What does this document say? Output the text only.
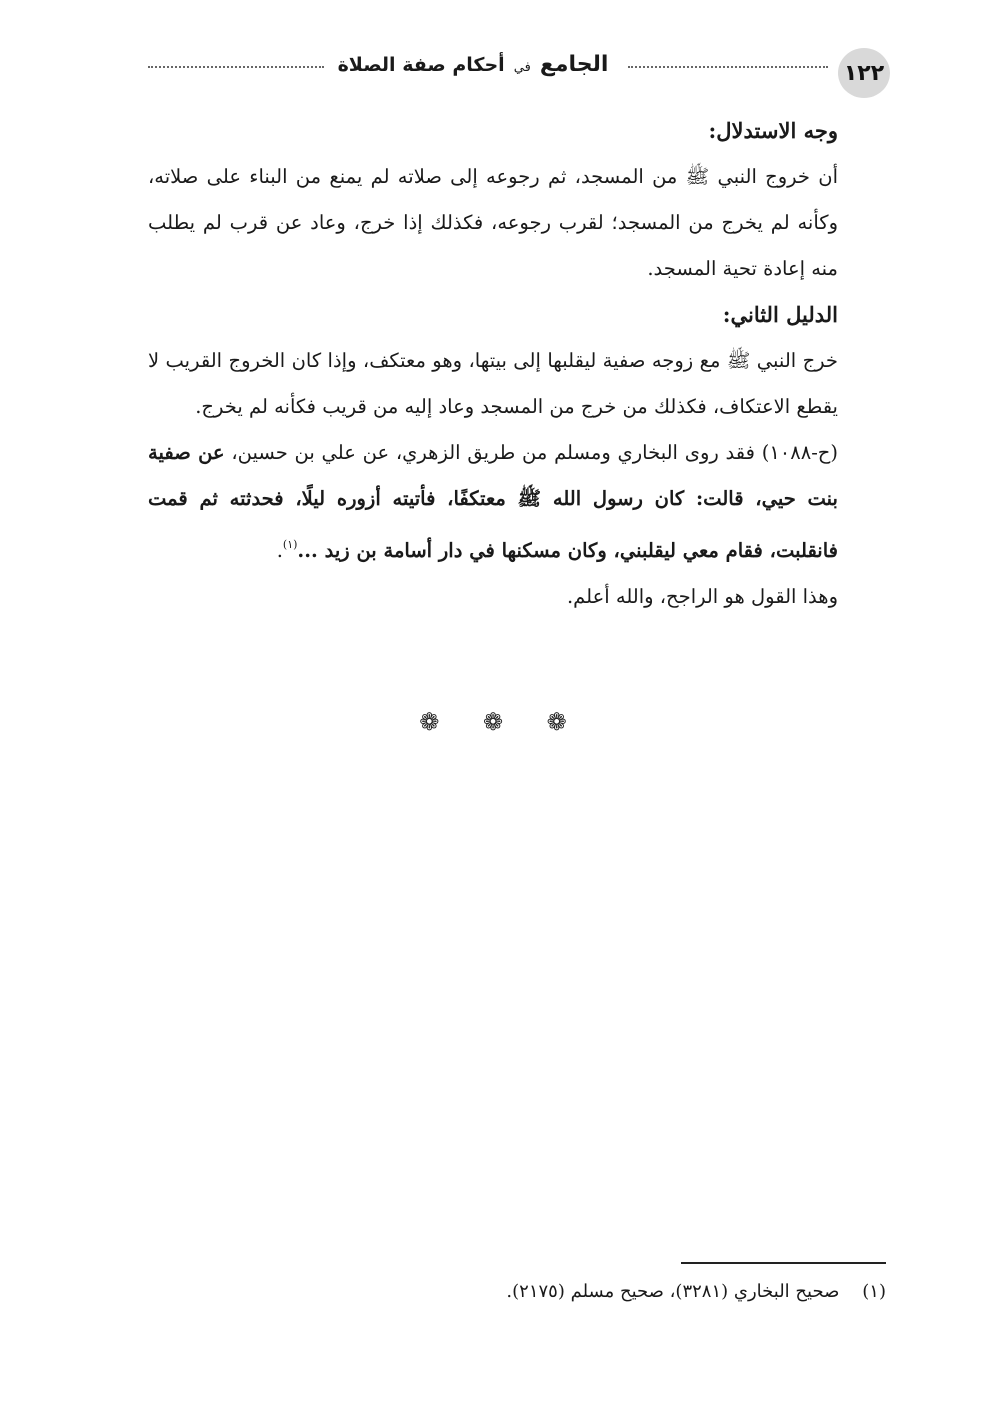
١٢٢
الجامع في أحكام صفة الصلاة

وجه الاستدلال:

أن خروج النبي ﷺ من المسجد، ثم رجوعه إلى صلاته لم يمنع من البناء على صلاته، وكأنه لم يخرج من المسجد؛ لقرب رجوعه، فكذلك إذا خرج، وعاد عن قرب لم يطلب منه إعادة تحية المسجد.

الدليل الثاني:

خرج النبي ﷺ مع زوجه صفية ليقلبها إلى بيتها، وهو معتكف، وإذا كان الخروج القريب لا يقطع الاعتكاف، فكذلك من خرج من المسجد وعاد إليه من قريب فكأنه لم يخرج.

(ح-١٠٨٨) فقد روى البخاري ومسلم من طريق الزهري، عن علي بن حسين، عن صفية بنت حيي، قالت: كان رسول الله ﷺ معتكفًا، فأتيته أزوره ليلًا، فحدثته ثم قمت فانقلبت، فقام معي ليقلبني، وكان مسكنها في دار أسامة بن زيد ...$^{(١)}$.

وهذا القول هو الراجح، والله أعلم.

❁ ❁ ❁
(١)    صحيح البخاري (٣٢٨١)، صحيح مسلم (٢١٧٥).
